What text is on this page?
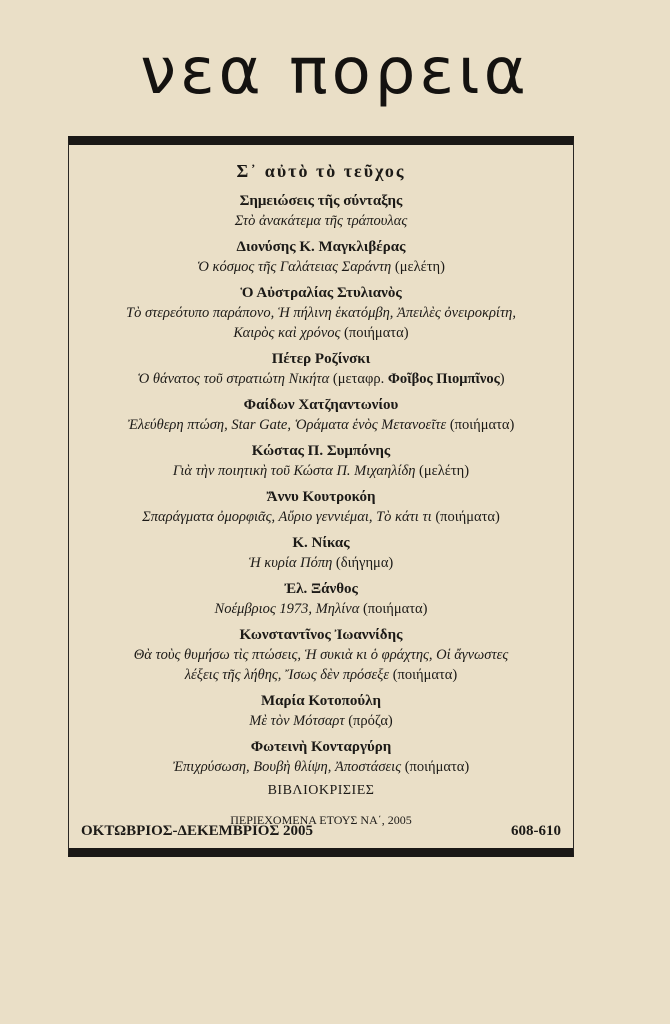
νεα πορεια
Σ᾽ αὐτὸ τὸ τεῦχος
Σημειώσεις τῆς σύνταξης
Στὸ ἀνακάτεμα τῆς τράπουλας
Διονύσης Κ. Μαγκλιβέρας
Ὁ κόσμος τῆς Γαλάτειας Σαράντη (μελέτη)
Ὁ Αὐστραλίας Στυλιανὸς
Τὸ στερεότυπο παράπονο, Ἡ πήλινη ἑκατόμβη, Ἀπειλὲς ὀνειροκρίτη,
Καιρὸς καὶ χρόνος (ποιήματα)
Πέτερ Ροζίνσκι
Ὁ θάνατος τοῦ στρατιώτη Νικήτα (μεταφρ. Φοῖβος Πιομπῖνος)
Φαίδων Χατζηαντωνίου
Ἐλεύθερη πτώση, Star Gate, Ὁράματα ἑνὸς Μετανοεῖτε (ποιήματα)
Κώστας Π. Συμπόνης
Γιὰ τὴν ποιητικὴ τοῦ Κώστα Π. Μιχαηλίδη (μελέτη)
Ἄννυ Κουτροκόη
Σπαράγματα ὀμορφιᾶς, Αὔριο γεννιέμαι, Τὸ κάτι τι (ποιήματα)
Κ. Νίκας
Ἡ κυρία Πόπη (διήγημα)
Ἐλ. Ξάνθος
Νοέμβριος 1973, Μηλίνα (ποιήματα)
Κωνσταντῖνος Ἰωαννίδης
Θὰ τοὺς θυμήσω τὶς πτώσεις, Ἡ συκιὰ κι ὁ φράχτης, Οἱ ἄγνωστες
λέξεις τῆς λήθης, Ἴσως δὲν πρόσεξε (ποιήματα)
Μαρία Κοτοπούλη
Μὲ τὸν Μότσαρτ (πρόζα)
Φωτεινὴ Κονταργύρη
Ἐπιχρύσωση, Βουβὴ θλίψη, Ἀποστάσεις (ποιήματα)
ΒΙΒΛΙΟΚΡΙΣΙΕΣ
ΠΕΡΙΕΧΟΜΕΝΑ ΕΤΟΥΣ ΝΑ΄, 2005
ΟΚΤΩΒΡΙΟΣ-ΔΕΚΕΜΒΡΙΟΣ 2005	608-610
